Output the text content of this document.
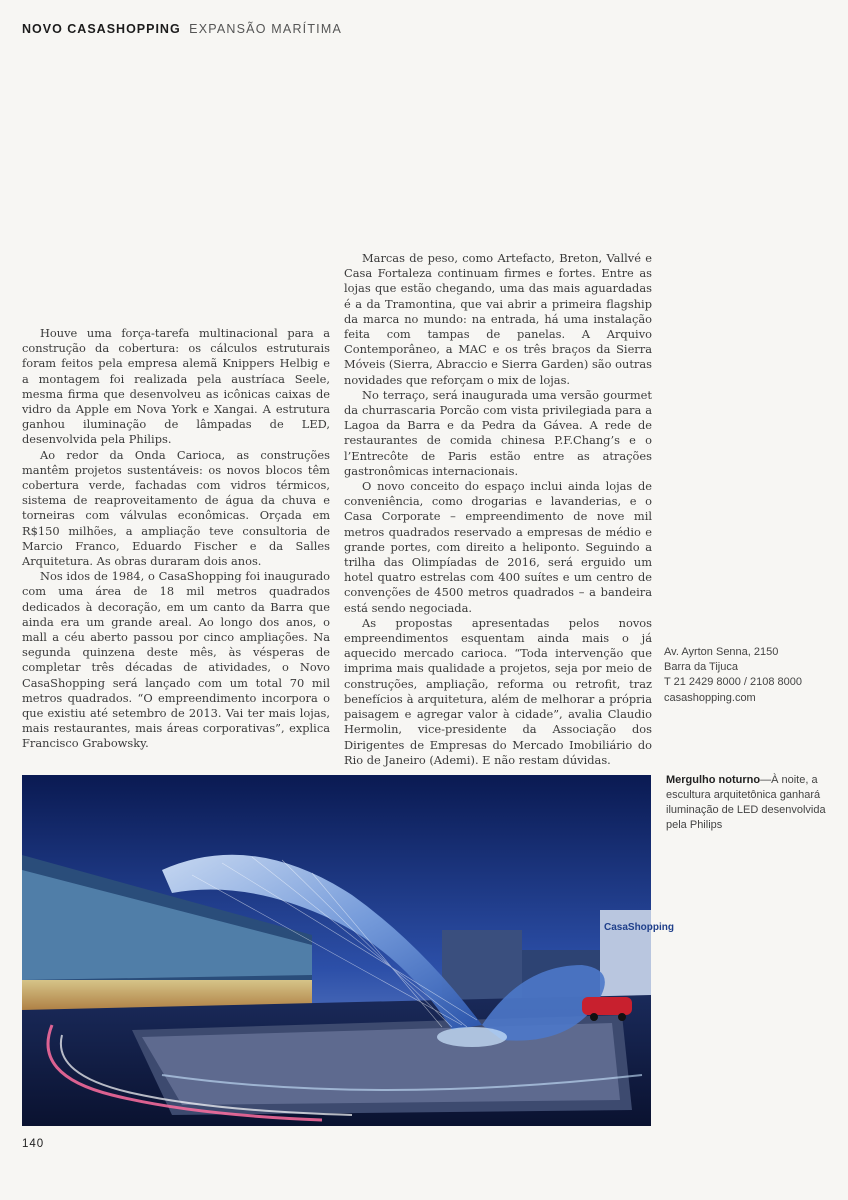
NOVO CASASHOPPING EXPANSÃO MARÍTIMA

Houve uma força-tarefa multinacional para a construção da cobertura: os cálculos estruturais foram feitos pela empresa alemã Knippers Helbig e a montagem foi realizada pela austríaca Seele, mesma firma que desenvolveu as icônicas caixas de vidro da Apple em Nova York e Xangai. A estrutura ganhou iluminação de lâmpadas de LED, desenvolvida pela Philips.

Ao redor da Onda Carioca, as construções mantêm projetos sustentáveis: os novos blocos têm cobertura verde, fachadas com vidros térmicos, sistema de reaproveitamento de água da chuva e torneiras com válvulas econômicas. Orçada em R$150 milhões, a ampliação teve consultoria de Marcio Franco, Eduardo Fischer e da Salles Arquitetura. As obras duraram dois anos.

Nos idos de 1984, o CasaShopping foi inaugurado com uma área de 18 mil metros quadrados dedicados à decoração, em um canto da Barra que ainda era um grande areal. Ao longo dos anos, o mall a céu aberto passou por cinco ampliações. Na segunda quinzena deste mês, às vésperas de completar três décadas de atividades, o Novo CasaShopping será lançado com um total 70 mil metros quadrados. “O empreendimento incorpora o que existiu até setembro de 2013. Vai ter mais lojas, mais restaurantes, mais áreas corporativas”, explica Francisco Grabowsky.

Marcas de peso, como Artefacto, Breton, Vallvé e Casa Fortaleza continuam firmes e fortes. Entre as lojas que estão chegando, uma das mais aguardadas é a da Tramontina, que vai abrir a primeira flagship da marca no mundo: na entrada, há uma instalação feita com tampas de panelas. A Arquivo Contemporâneo, a MAC e os três braços da Sierra Móveis (Sierra, Abraccio e Sierra Garden) são outras novidades que reforçam o mix de lojas.

No terraço, será inaugurada uma versão gourmet da churrascaria Porcão com vista privilegiada para a Lagoa da Barra e da Pedra da Gávea. A rede de restaurantes de comida chinesa P.F.Chang’s e o l’Entrecôte de Paris estão entre as atrações gastronômicas internacionais.

O novo conceito do espaço inclui ainda lojas de conveniência, como drogarias e lavanderias, e o Casa Corporate – empreendimento de nove mil metros quadrados reservado a empresas de médio e grande portes, com direito a heliponto. Seguindo a trilha das Olimpíadas de 2016, será erguido um hotel quatro estrelas com 400 suítes e um centro de convenções de 4500 metros quadrados – a bandeira está sendo negociada.

As propostas apresentadas pelos novos empreendimentos esquentam ainda mais o já aquecido mercado carioca. “Toda intervenção que imprima mais qualidade a projetos, seja por meio de construções, ampliação, reforma ou retrofit, traz benefícios à arquitetura, além de melhorar a própria paisagem e agregar valor à cidade”, avalia Claudio Hermolin, vice-presidente da Associação dos Dirigentes de Empresas do Mercado Imobiliário do Rio de Janeiro (Ademi). E não restam dúvidas.

Av. Ayrton Senna, 2150
Barra da Tijuca
T 21 2429 8000 / 2108 8000
casashopping.com
CasaShopping
Mergulho noturno—À noite, a escultura arquitetônica ganhará iluminação de LED desenvolvida pela Philips
140
